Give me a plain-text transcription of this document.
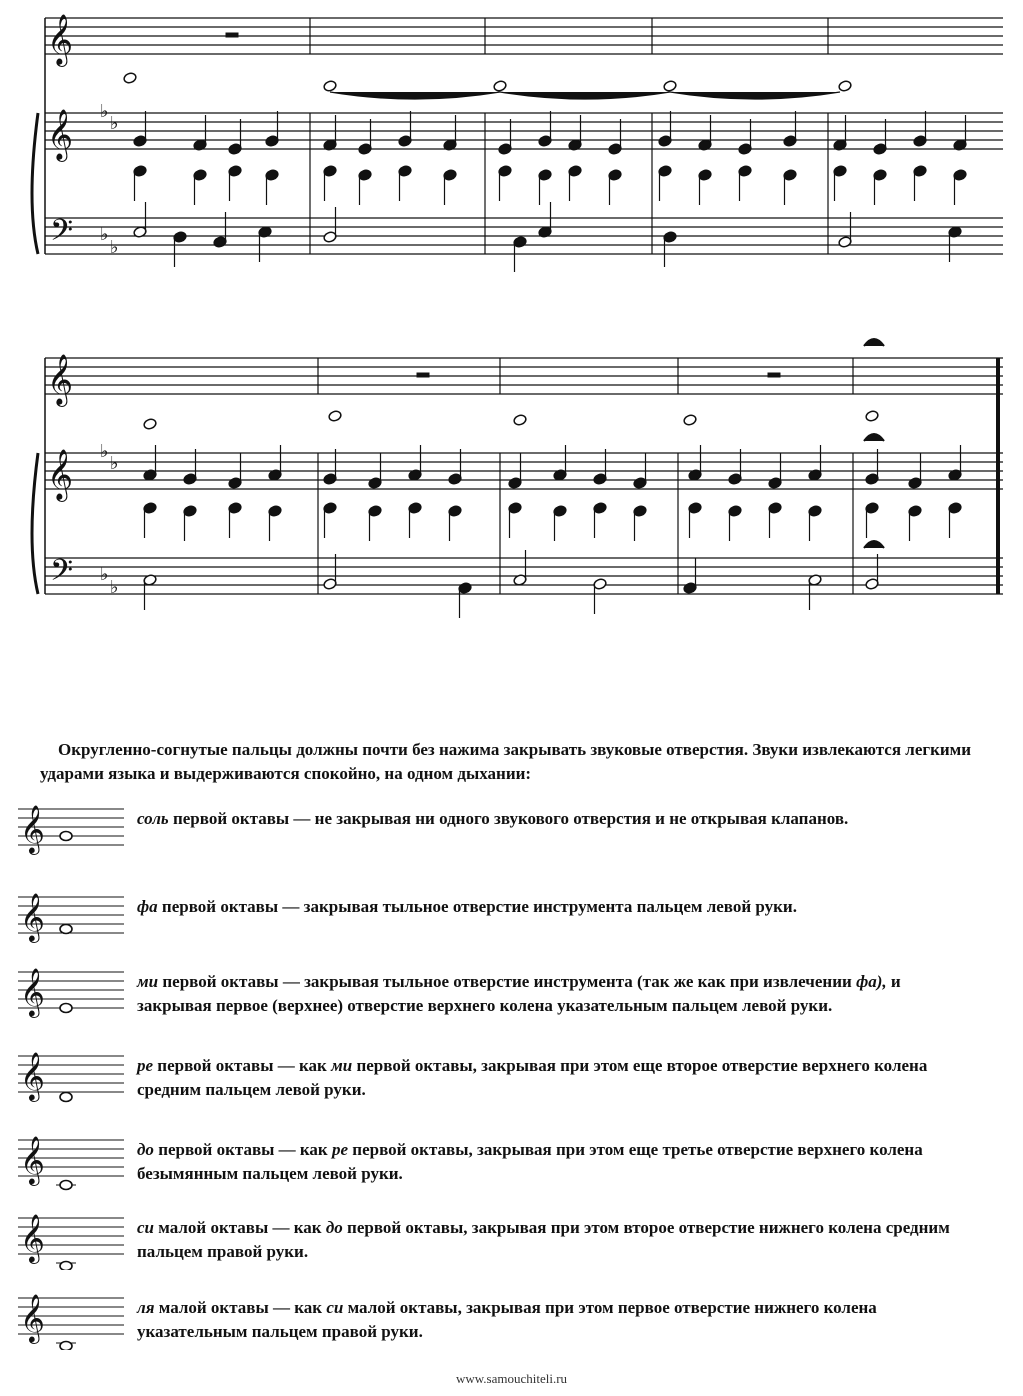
𝄞
𝄞
𝄢
♭
♭
♭
♭
𝄞
𝄞
𝄢
♭
♭
♭
♭

Округленно-согнутые пальцы должны почти без нажима закрывать звуковые отверстия. Звуки извлекаются легкими ударами языка и выдерживаются спокойно, на одном дыхании:

𝄞	соль первой октавы — не закрывая ни одного звукового отверстия и не открывая клапанов.

𝄞	фа первой октавы — закрывая тыльное отверстие инструмента пальцем левой руки.

𝄞	ми первой октавы — закрывая тыльное отверстие инструмента (так же как при извлечении фа), и закрывая первое (верхнее) отверстие верхнего колена указательным пальцем левой руки.

𝄞	ре первой октавы — как ми первой октавы, закрывая при этом еще второе отверстие верхнего колена средним пальцем левой руки.

𝄞	до первой октавы — как ре первой октавы, закрывая при этом еще третье отверстие верхнего колена безымянным пальцем левой руки.

𝄞	си малой октавы — как до первой октавы, закрывая при этом второе отверстие нижнего колена средним пальцем правой руки.

𝄞	ля малой октавы — как си малой октавы, закрывая при этом первое отверстие нижнего колена указательным пальцем правой руки.

www.samouchiteli.ru
